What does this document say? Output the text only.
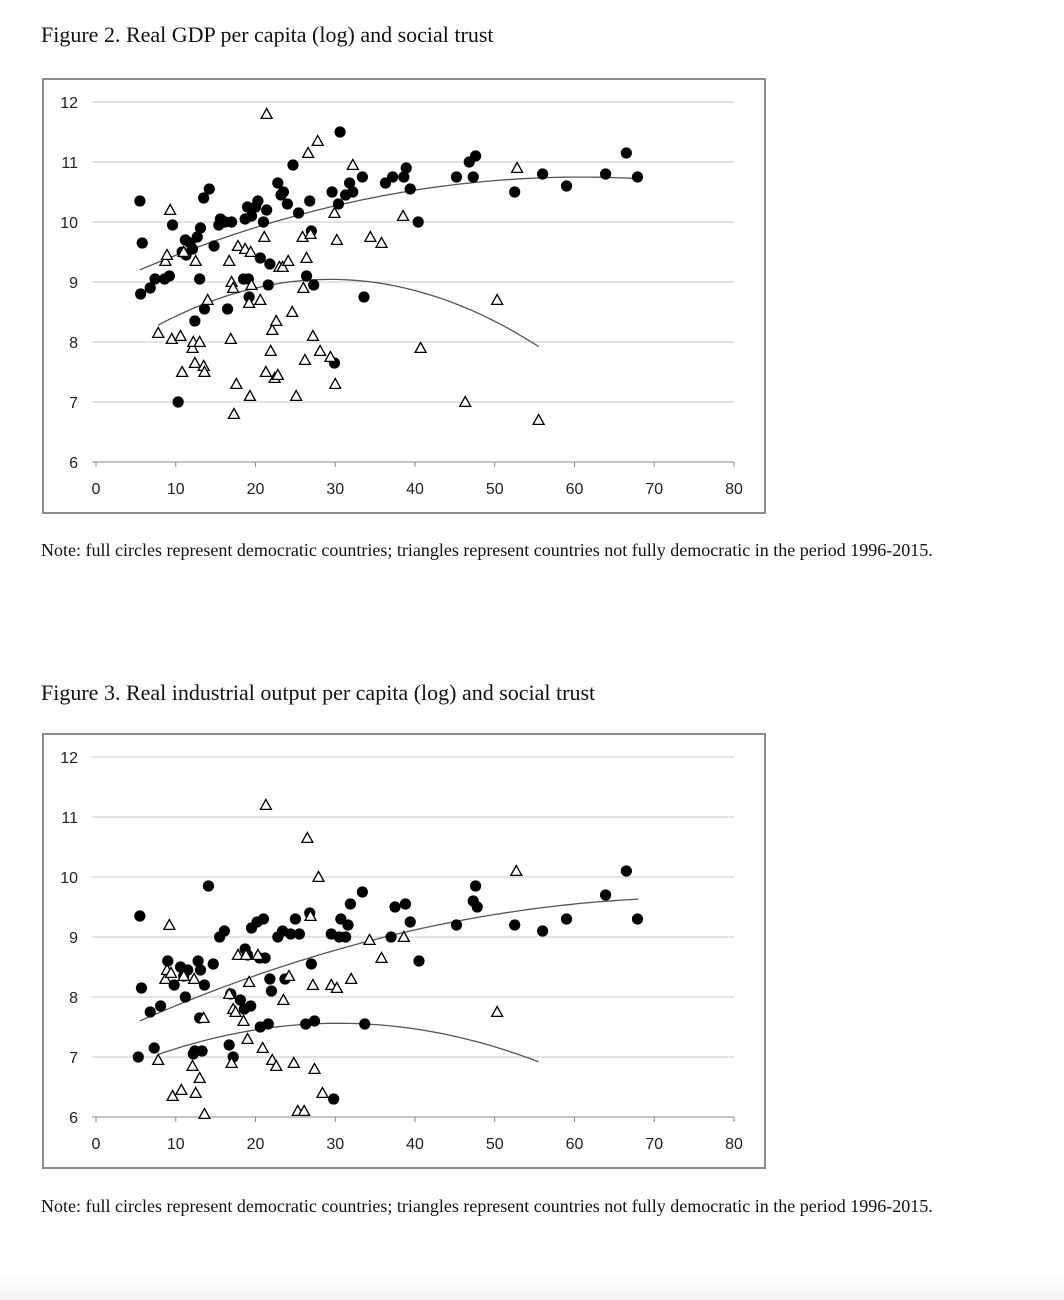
Figure 2. Real GDP per capita (log) and social trust
6
7
8
9
10
11
12
0	10	20	30	40	50	60	70	80
Note: full circles represent democratic countries; triangles represent countries not fully democratic in the period 1996-2015.
Figure 3. Real industrial output per capita (log) and social trust
6
7
8
9
10
11
12
0	10	20	30	40	50	60	70	80
Note: full circles represent democratic countries; triangles represent countries not fully democratic in the period 1996-2015.
